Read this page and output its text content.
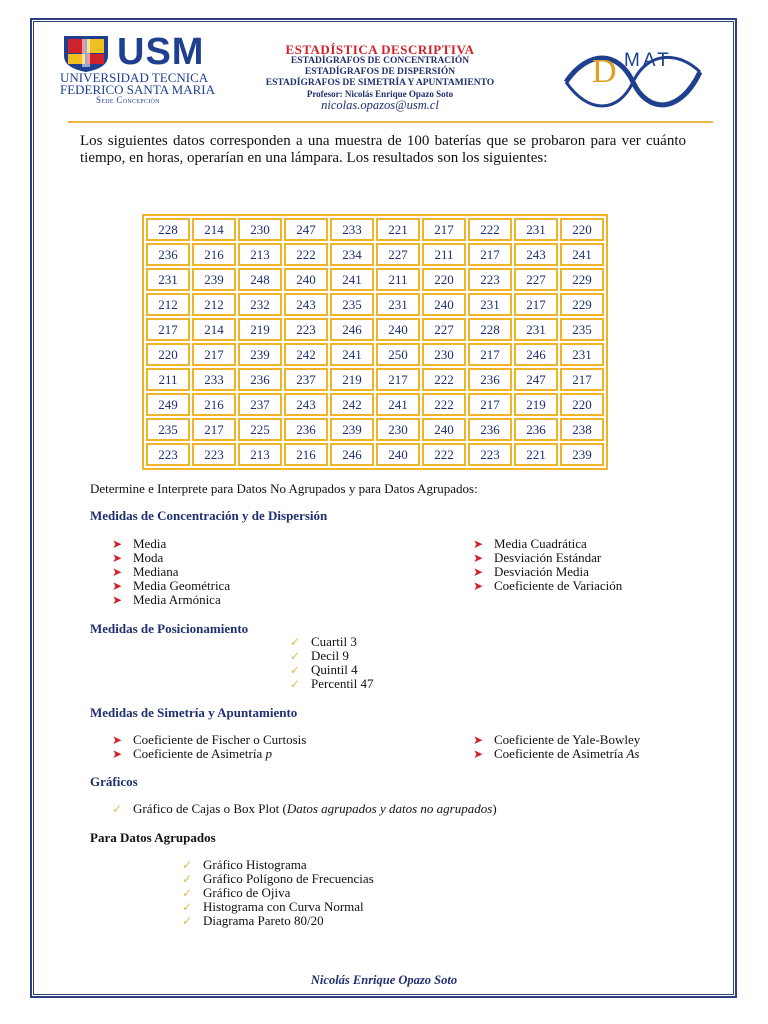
USM
UNIVERSIDAD TECNICA
FEDERICO SANTA MARIA
Sede Concepción
ESTADÍSTICA DESCRIPTIVA
ESTADÍGRAFOS DE CONCENTRACIÓN
ESTADÍGRAFOS DE DISPERSIÓN
ESTADÍGRAFOS DE SIMETRÍA Y APUNTAMIENTO
Profesor: Nicolás Enrique Opazo Soto
nicolas.opazos@usm.cl
D MAT
Los siguientes datos corresponden a una muestra de 100 baterías que se probaron para ver cuánto tiempo, en horas, operarían en una lámpara. Los resultados son los siguientes:
228	214	230	247	233	221	217	222	231	220
236	216	213	222	234	227	211	217	243	241
231	239	248	240	241	211	220	223	227	229
212	212	232	243	235	231	240	231	217	229
217	214	219	223	246	240	227	228	231	235
220	217	239	242	241	250	230	217	246	231
211	233	236	237	219	217	222	236	247	217
249	216	237	243	242	241	222	217	219	220
235	217	225	236	239	230	240	236	236	238
223	223	213	216	246	240	222	223	221	239
Determine e Interprete para Datos No Agrupados y para Datos Agrupados:
Medidas de Concentración y de Dispersión
➤ Media
➤ Moda
➤ Mediana
➤ Media Geométrica
➤ Media Armónica
➤ Media Cuadrática
➤ Desviación Estándar
➤ Desviación Media
➤ Coeficiente de Variación
Medidas de Posicionamiento
✓ Cuartil 3
✓ Decil 9
✓ Quintil 4
✓ Percentil 47
Medidas de Simetría y Apuntamiento
➤ Coeficiente de Fischer o Curtosis
➤ Coeficiente de Asimetría p
➤ Coeficiente de Yale-Bowley
➤ Coeficiente de Asimetría As
Gráficos
✓ Gráfico de Cajas o Box Plot (Datos agrupados y datos no agrupados)
Para Datos Agrupados
✓ Gráfico Histograma
✓ Gráfico Polígono de Frecuencias
✓ Gráfico de Ojiva
✓ Histograma con Curva Normal
✓ Diagrama Pareto 80/20
Nicolás Enrique Opazo Soto
